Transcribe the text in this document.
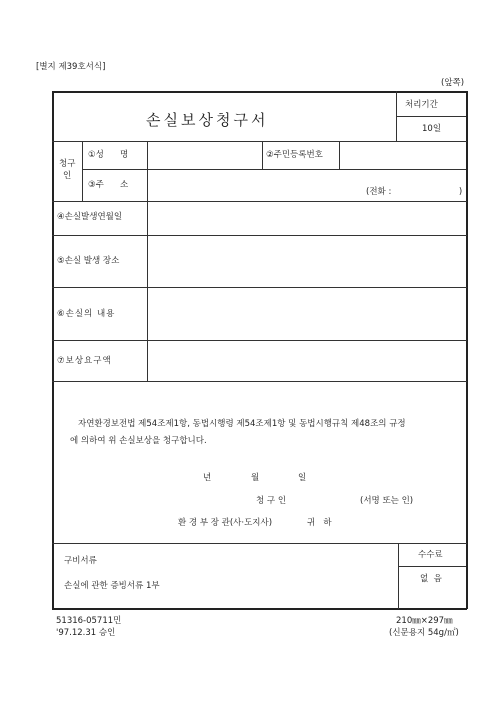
[별지 제39호서식]
(앞쪽)
손실보상청구서
처리기간
10일
청구
인
①성      명	②주민등록번호
③주      소
(전화 :                         )
④손실발생연월일
⑤손실 발생 장소
⑥손실의 내용
⑦보상요구액
자연환경보전법 제54조제1항, 동법시행령 제54조제1항 및 동법시행규칙 제48조의 규정
에 의하여 위 손실보상을 청구합니다.
년	월	일
청 구 인	(서명 또는 인)
환 경 부 장 관(사·도지사)	귀   하
구비서류
손실에 관한 증빙서류 1부
수수료
없  음
51316-05711민
'97.12.31 승인
210㎜×297㎜
(신문용지 54g/㎡)
